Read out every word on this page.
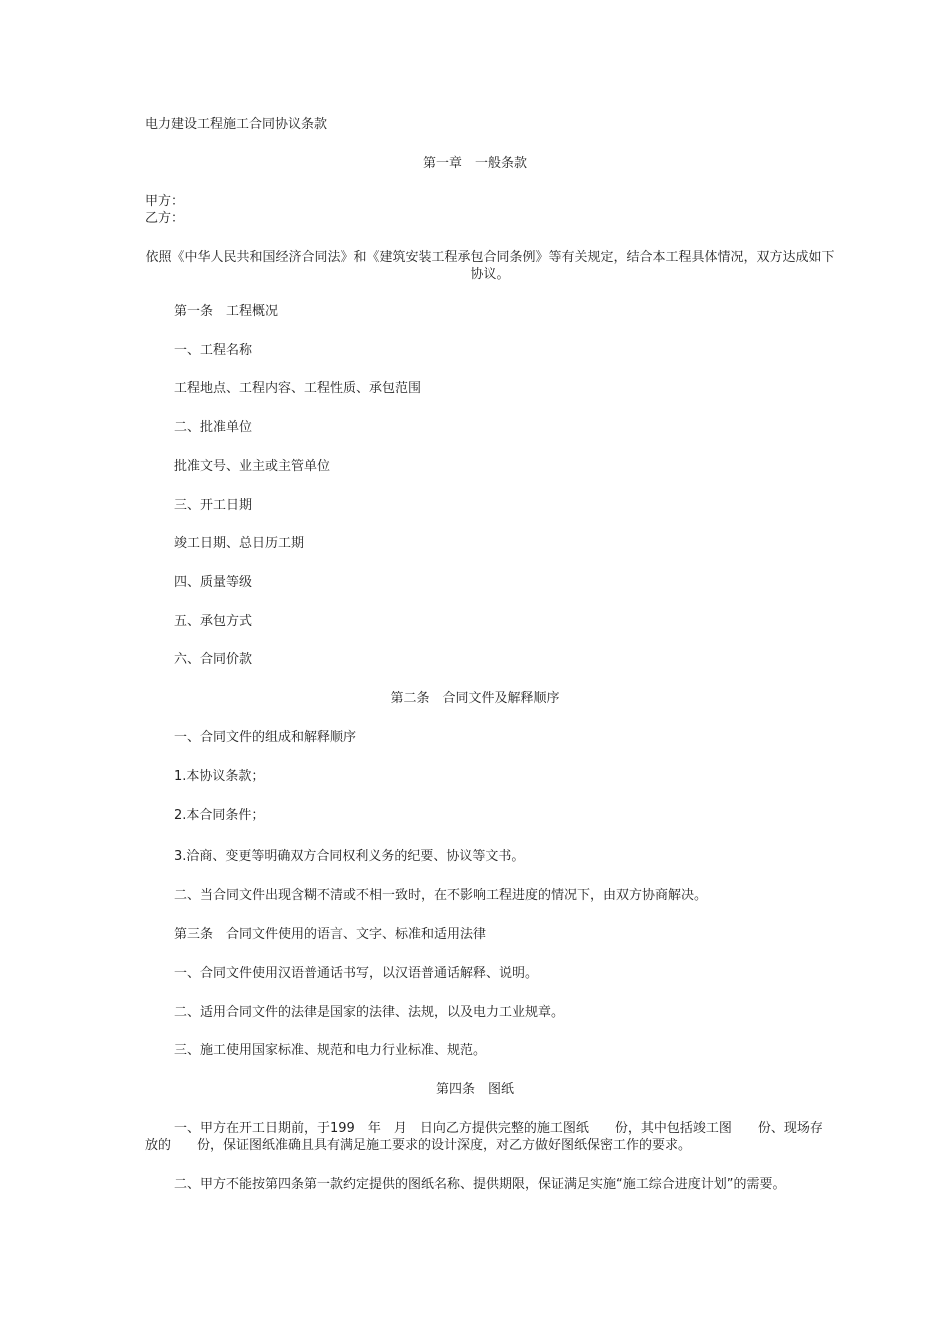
电力建设工程施工合同协议条款
第一章　一般条款
甲方：
乙方：
依照《中华人民共和国经济合同法》和《建筑安装工程承包合同条例》等有关规定，结合本工程具体情况，双方达成如下协议。
第一条　工程概况
一、工程名称
工程地点、工程内容、工程性质、承包范围
二、批准单位
批准文号、业主或主管单位
三、开工日期
竣工日期、总日历工期
四、质量等级
五、承包方式
六、合同价款
第二条　合同文件及解释顺序
一、合同文件的组成和解释顺序
1.本协议条款；
2.本合同条件；
3.洽商、变更等明确双方合同权利义务的纪要、协议等文书。
二、当合同文件出现含糊不清或不相一致时，在不影响工程进度的情况下，由双方协商解决。
第三条　合同文件使用的语言、文字、标准和适用法律
一、合同文件使用汉语普通话书写，以汉语普通话解释、说明。
二、适用合同文件的法律是国家的法律、法规，以及电力工业规章。
三、施工使用国家标准、规范和电力行业标准、规范。
第四条　图纸
一、甲方在开工日期前，于199　年　月　日向乙方提供完整的施工图纸　　份，其中包括竣工图　　份、现场存放的　　份，保证图纸准确且具有满足施工要求的设计深度，对乙方做好图纸保密工作的要求。
二、甲方不能按第四条第一款约定提供的图纸名称、提供期限，保证满足实施“施工综合进度计划”的需要。
